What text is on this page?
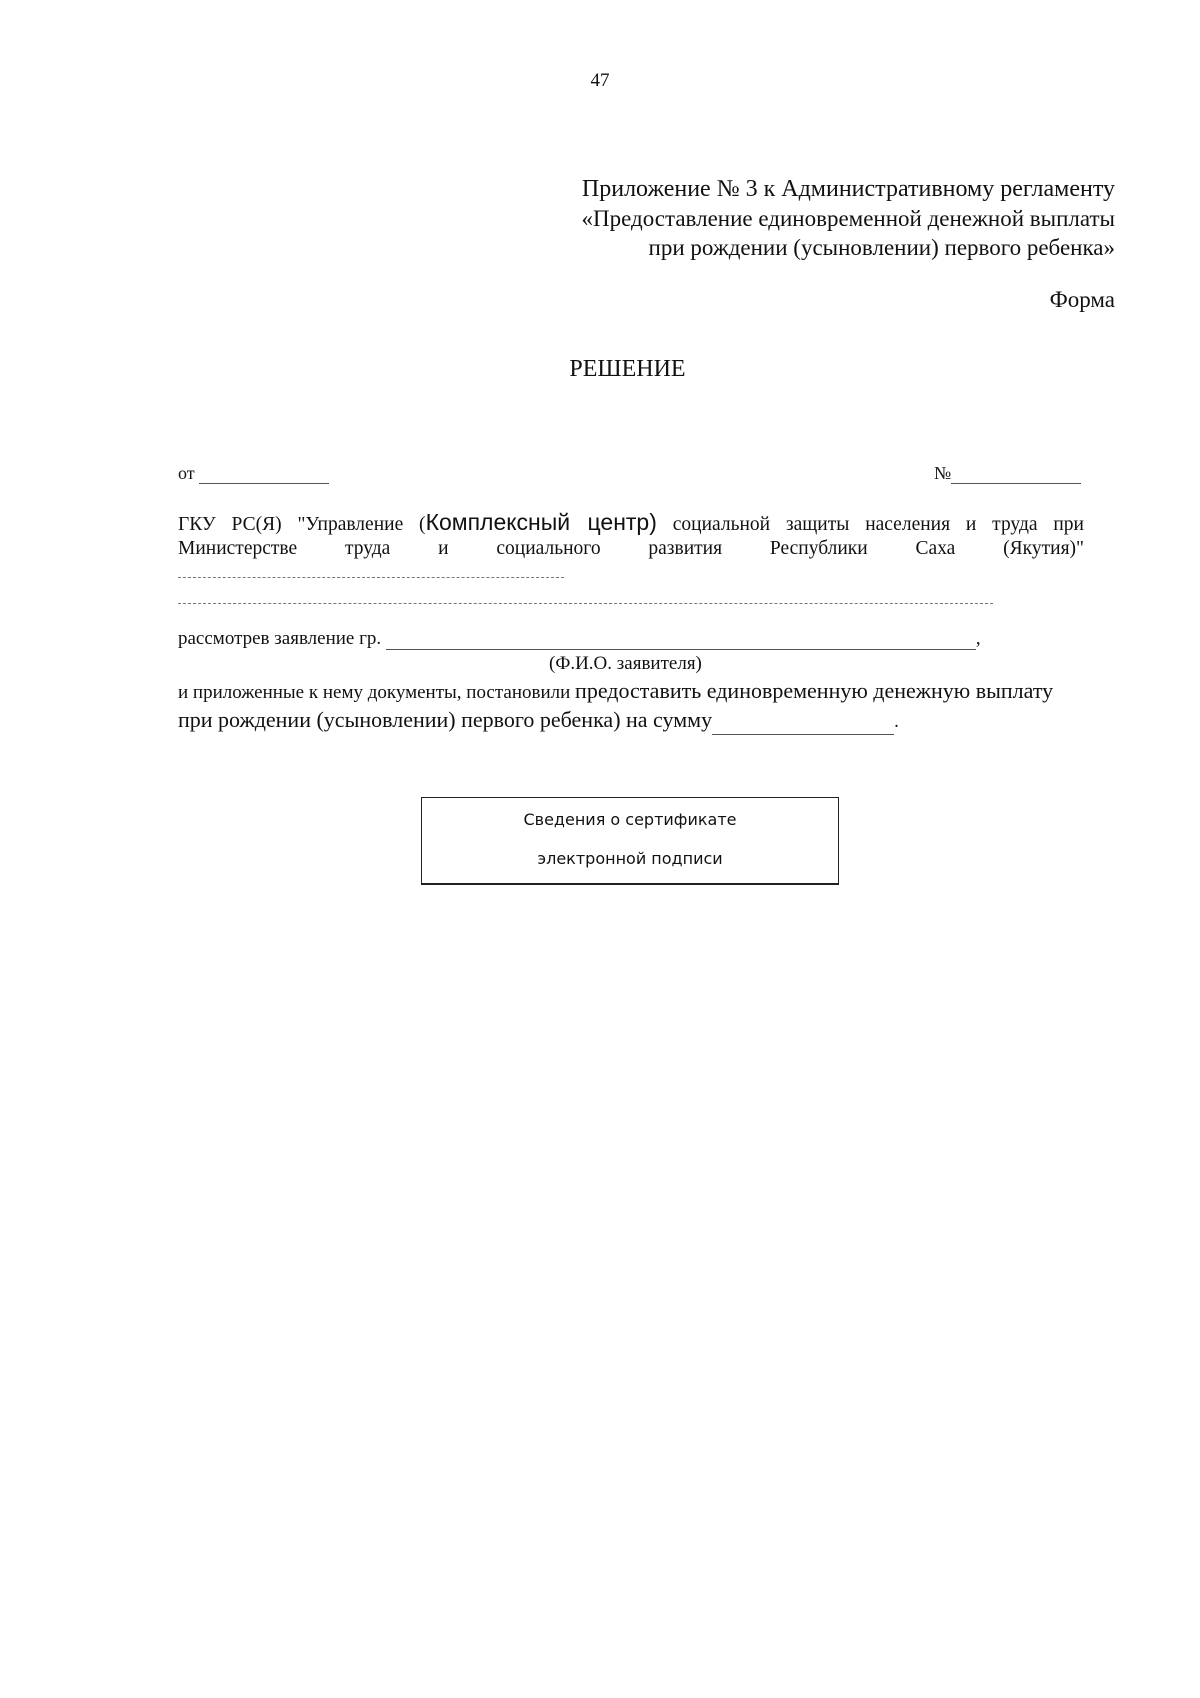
47
Приложение № 3 к Административному регламенту
«Предоставление единовременной денежной выплаты
при рождении (усыновлении) первого ребенка»
Форма
РЕШЕНИЕ
от	№
ГКУ РС(Я) "Управление (Комплексный центр) социальной защиты населения и труда при Министерстве труда и социального развития Республики Саха (Якутия)"
рассмотрев заявление гр.	,
(Ф.И.О. заявителя)
и приложенные к нему документы, постановили предоставить единовременную денежную выплату при рождении (усыновлении) первого ребенка) на сумму	.
Сведения о сертификате
электронной подписи
